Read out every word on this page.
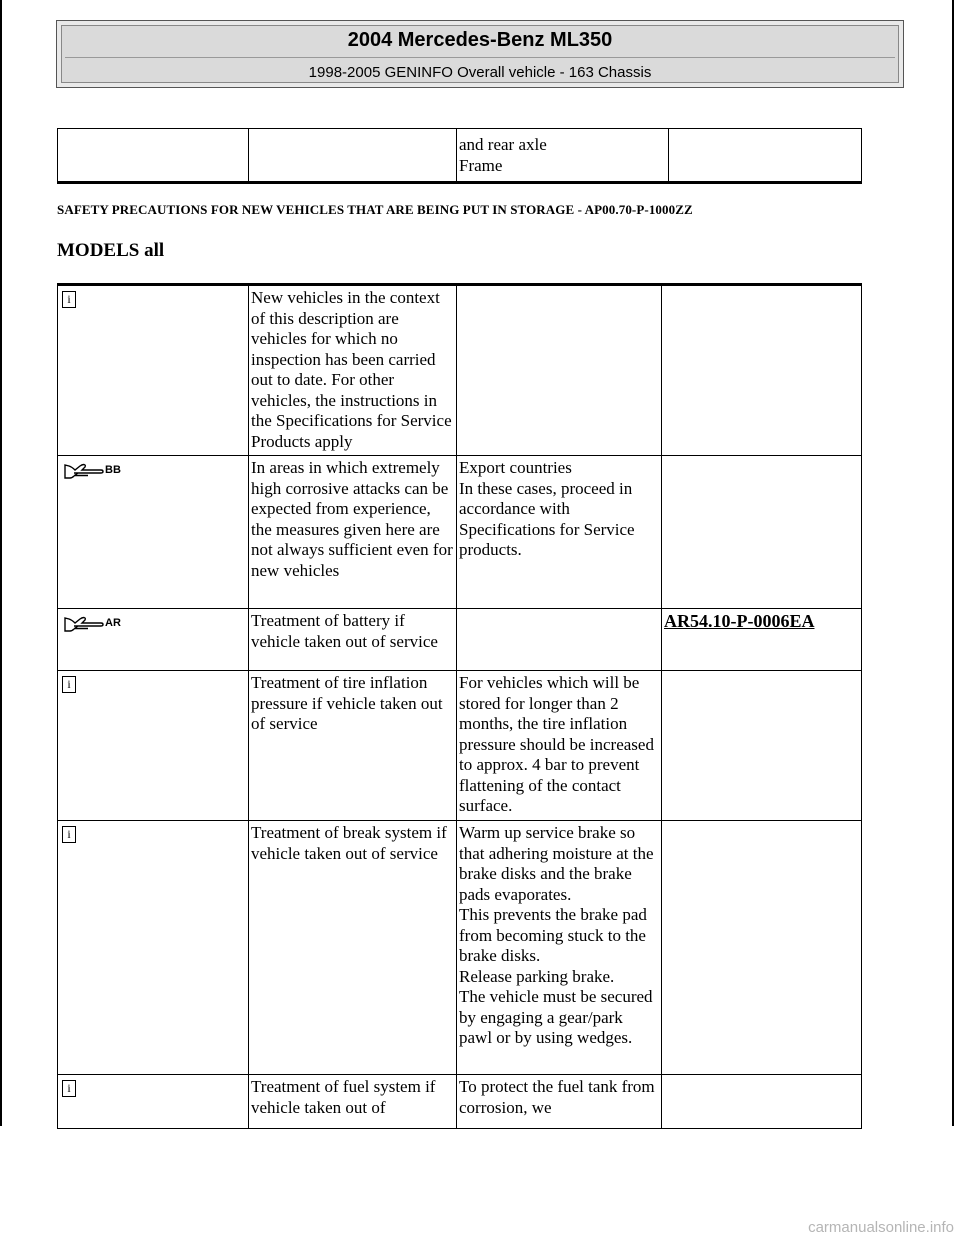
2004 Mercedes-Benz ML350
1998-2005 GENINFO Overall vehicle - 163 Chassis
		and rear axle
Frame	
SAFETY PRECAUTIONS FOR NEW VEHICLES THAT ARE BEING PUT IN STORAGE - AP00.70-P-1000ZZ
MODELS all
i	New vehicles in the context of this description are vehicles for which no inspection has been carried out to date. For other vehicles, the instructions in the Specifications for Service Products apply		

BB	In areas in which extremely high corrosive attacks can be expected from experience, the measures given here are not always sufficient even for new vehicles	Export countries
In these cases, proceed in accordance with Specifications for Service products.	

AR	Treatment of battery if vehicle taken out of service		AR54.10-P-0006EA
i	Treatment of tire inflation pressure if vehicle taken out of service	For vehicles which will be stored for longer than 2 months, the tire inflation pressure should be increased to approx. 4 bar to prevent flattening of the contact surface.	
i	Treatment of break system if vehicle taken out of service	Warm up service brake so that adhering moisture at the brake disks and the brake pads evaporates.
This prevents the brake pad from becoming stuck to the brake disks.
Release parking brake.
The vehicle must be secured by engaging a gear/park pawl or by using wedges.	
i	Treatment of fuel system if vehicle taken out of	To protect the fuel tank from corrosion, we	
carmanualsonline.info
